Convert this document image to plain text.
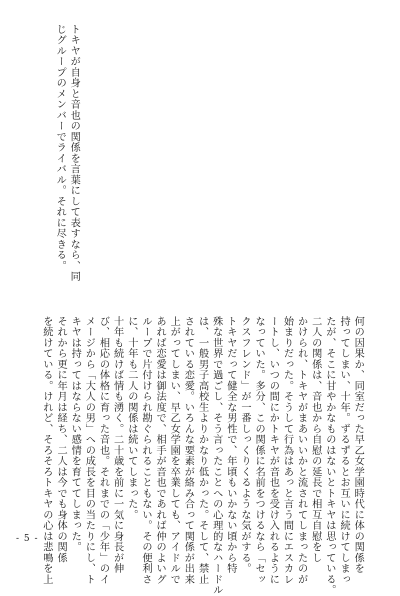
何の因果か、同室だった早乙女学園時代に体の関係を
持ってしまい、十年。ずるずるとお互いに続けてしまっ
たが、そこに甘やかなものはないとトキヤは思っている。
二人の関係は、音也から自慰の延長で相互自慰をし
かけられ、トキヤがまあいいかと流されてしまったのが
始まりだった。そうして行為はあっと言う間にエスカレ
ートし、いつの間にかトキヤが音也を受け入れるように
なっていた。多分、この関係に名前をつけるなら「セッ
クスフレンド」が一番しっくりくるような気がする。
トキヤだって健全な男性で、年頃もいかない頃から特
殊な世界で過ごし、そう言ったことへの心理的なハードル
は、一般男子高校生よりかなり低かった。そして、禁止
されている恋愛。いろんな要素が絡み合って関係が出来
上がってしまい、早乙女学園を卒業しても、アイドルで
あれば恋愛は御法度で、相手が音也であれば仲のよいグ
ループで片付けられ勘ぐられることもない。その便利さ
に、十年も二人の関係は続いてしまった。
十年も続けば情も湧く。二十歳を前に一気に身長が伸
び、相応の体格に育った音也。それまでの「少年」のイ
メージから「大人の男」への成長を目の当たりにし、ト
キヤは持ってはならない感情を育ててしまった。
それから更に年月は経ち、二人は今でも身体の関係
を続けている。けれど、そろそろトキヤの心は悲鳴を上
トキヤが自身と音也の関係を言葉にして表すなら、同
じグループのメンバーでライバル。それに尽きる。
- 5 -
